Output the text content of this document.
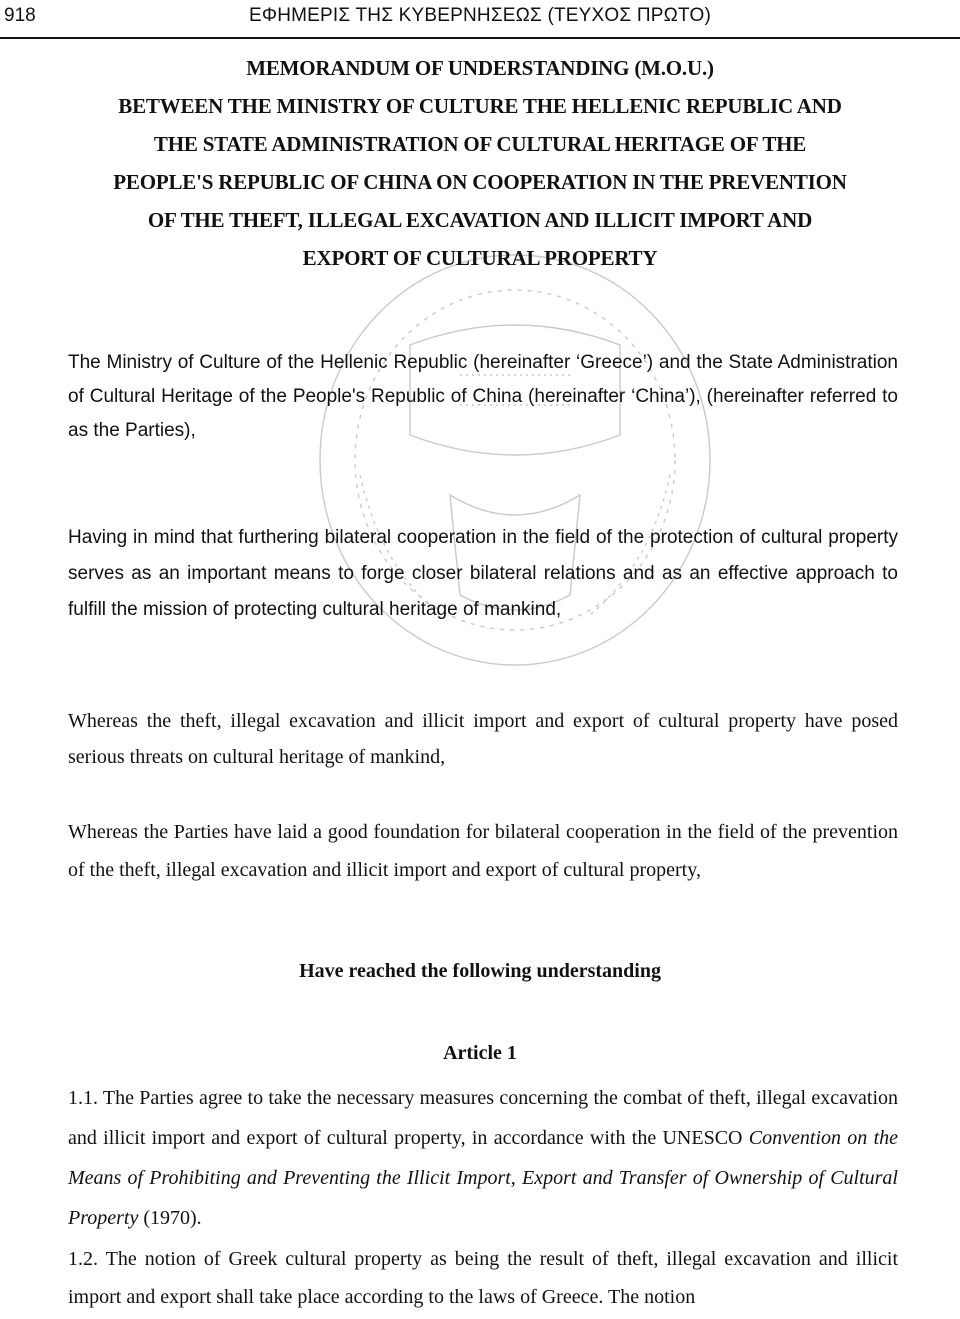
918	ΕΦΗΜΕΡΙΣ ΤΗΣ ΚΥΒΕΡΝΗΣΕΩΣ (ΤΕΥΧΟΣ ΠΡΩΤΟ)
MEMORANDUM OF UNDERSTANDING (M.O.U.)
BETWEEN THE MINISTRY OF CULTURE THE HELLENIC REPUBLIC AND
THE STATE ADMINISTRATION OF CULTURAL HERITAGE OF THE
PEOPLE'S REPUBLIC OF CHINA ON COOPERATION IN THE PREVENTION
OF THE THEFT, ILLEGAL EXCAVATION AND ILLICIT IMPORT AND
EXPORT OF CULTURAL PROPERTY
The Ministry of Culture of the Hellenic Republic (hereinafter ‘Greece’) and the State Administration of Cultural Heritage of the People's Republic of China (hereinafter ‘China’), (hereinafter referred to as the Parties),
Having in mind that furthering bilateral cooperation in the field of the protection of cultural property serves as an important means to forge closer bilateral relations and as an effective approach to fulfill the mission of protecting cultural heritage of mankind,
Whereas the theft, illegal excavation and illicit import and export of cultural property have posed serious threats on cultural heritage of mankind,
Whereas the Parties have laid a good foundation for bilateral cooperation in the field of the prevention of the theft, illegal excavation and illicit import and export of cultural property,
Have reached the following understanding
Article 1
1.1. The Parties agree to take the necessary measures concerning the combat of theft, illegal excavation and illicit import and export of cultural property, in accordance with the UNESCO Convention on the Means of Prohibiting and Preventing the Illicit Import, Export and Transfer of Ownership of Cultural Property (1970).
1.2. The notion of Greek cultural property as being the result of theft, illegal excavation and illicit import and export shall take place according to the laws of Greece. The notion
